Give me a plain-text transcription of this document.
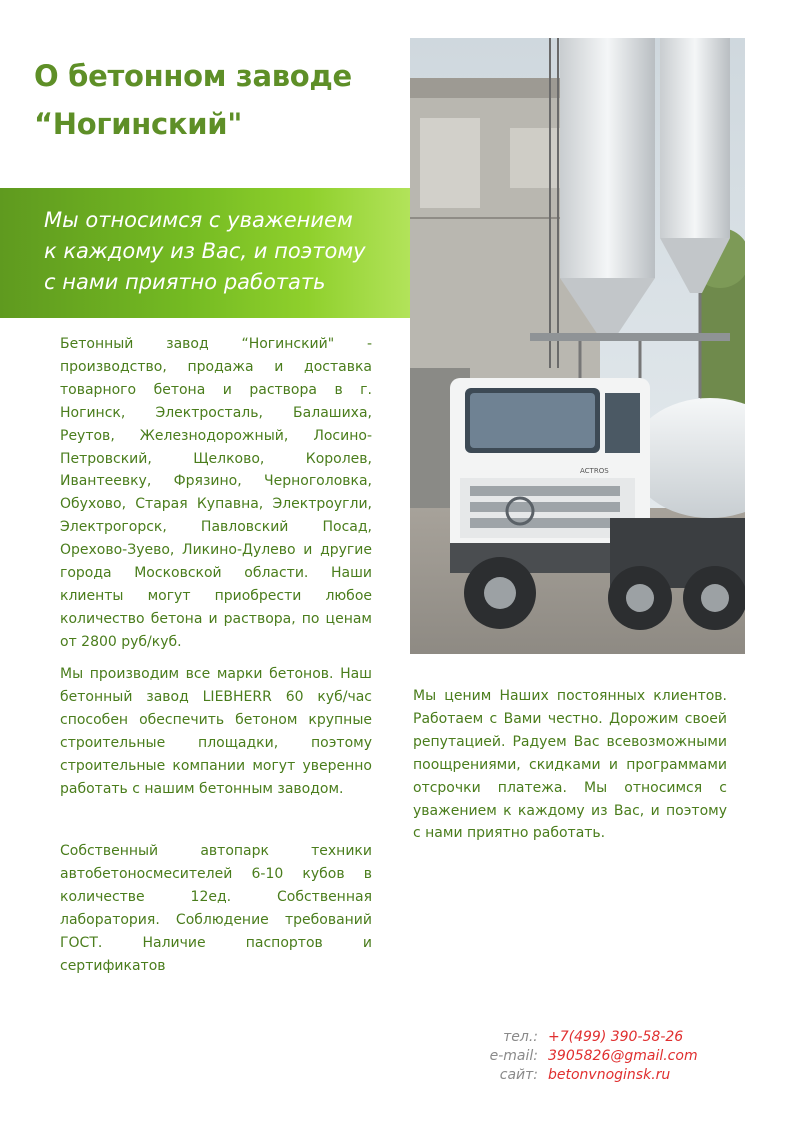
О бетонном заводе
“Ногинский"

Мы относимся с уважением
к каждому из Вас, и поэтому
с нами приятно работать

ACTROS

Бетонный завод “Ногинский" - производство, продажа и доставка товарного бетона и раствора в г. Ногинск, Электросталь, Балашиха, Реутов, Железнодорожный, Лосино-Петровский, Щелково, Королев, Ивантеевку, Фрязино, Черноголовка, Обухово, Старая Купавна, Электроугли, Электрогорск, Павловский Посад, Орехово-Зуево, Ликино-Дулево и другие города Московской области. Наши клиенты могут приобрести любое количество бетона и раствора, по ценам от 2800 руб/куб.

Мы производим все марки бетонов. Наш бетонный завод LIEBHERR 60 куб/час способен обеспечить бетоном крупные строительные площадки, поэтому строительные компании могут уверенно работать с нашим бетонным заводом.

Собственный автопарк техники автобетоносмесителей 6-10 кубов в количестве 12ед. Собственная лаборатория. Соблюдение требований ГОСТ. Наличие паспортов и сертификатов

Мы ценим Наших постоянных клиентов. Работаем с Вами честно. Дорожим своей репутацией. Радуем Вас всевозможными поощрениями, скидками и программами отсрочки платежа. Мы относимся с уважением к каждому из Вас, и поэтому с нами приятно работать.

тел.: +7(499) 390-58-26
e-mail: 3905826@gmail.com
сайт: betonvnoginsk.ru
